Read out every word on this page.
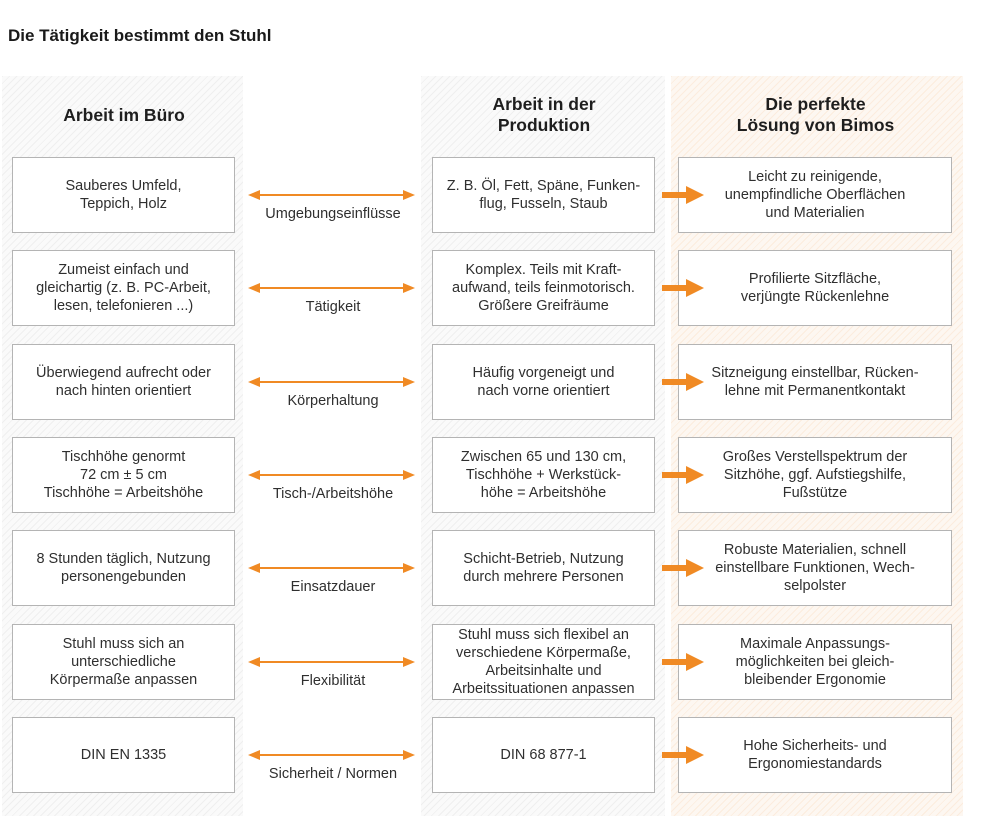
Die Tätigkeit bestimmt den Stuhl
Arbeit im Büro
Arbeit in der
Produktion
Die perfekte
Lösung von Bimos
Sauberes Umfeld,
Teppich, Holz
Z. B. Öl, Fett, Späne, Funken-
flug, Fusseln, Staub
Leicht zu reinigende,
unempfindliche Oberflächen
und Materialien
Umgebungseinflüsse
Zumeist einfach und
gleichartig (z. B. PC-Arbeit,
lesen, telefonieren ...)
Komplex. Teils mit Kraft-
aufwand, teils feinmotorisch.
Größere Greifräume
Profilierte Sitzfläche,
verjüngte Rückenlehne
Tätigkeit
Überwiegend aufrecht oder
nach hinten orientiert
Häufig vorgeneigt und
nach vorne orientiert
Sitzneigung einstellbar, Rücken-
lehne mit Permanentkontakt
Körperhaltung
Tischhöhe genormt
72 cm ± 5 cm
Tischhöhe = Arbeitshöhe
Zwischen 65 und 130 cm,
Tischhöhe + Werkstück-
höhe = Arbeitshöhe
Großes Verstellspektrum der
Sitzhöhe, ggf. Aufstiegshilfe,
Fußstütze
Tisch-/Arbeitshöhe
8 Stunden täglich, Nutzung
personengebunden
Schicht-Betrieb, Nutzung
durch mehrere Personen
Robuste Materialien, schnell
einstellbare Funktionen, Wech-
selpolster
Einsatzdauer
Stuhl muss sich an
unterschiedliche
Körpermaße anpassen
Stuhl muss sich flexibel an
verschiedene Körpermaße,
Arbeitsinhalte und
Arbeitssituationen anpassen
Maximale Anpassungs-
möglichkeiten bei gleich-
bleibender Ergonomie
Flexibilität
DIN EN 1335	DIN 68 877-1
Hohe Sicherheits- und
Ergonomiestandards
Sicherheit / Normen
